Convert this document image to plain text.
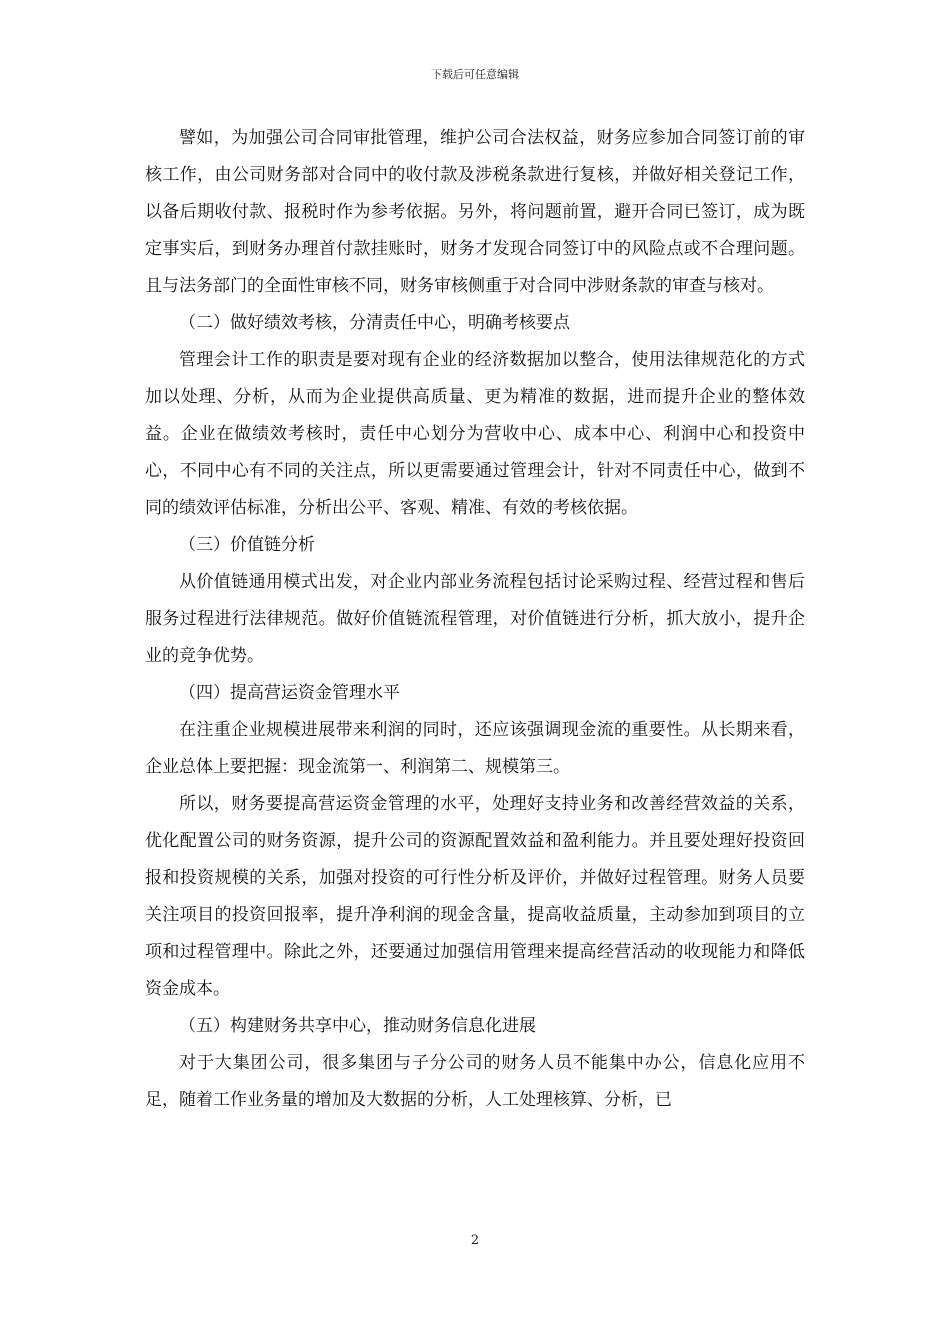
下载后可任意编辑

譬如，为加强公司合同审批管理，维护公司合法权益，财务应参加合同签订前的审核工作，由公司财务部对合同中的收付款及涉税条款进行复核，并做好相关登记工作，以备后期收付款、报税时作为参考依据。另外，将问题前置，避开合同已签订，成为既定事实后，到财务办理首付款挂账时，财务才发现合同签订中的风险点或不合理问题。且与法务部门的全面性审核不同，财务审核侧重于对合同中涉财条款的审查与核对。

（二）做好绩效考核，分清责任中心，明确考核要点

管理会计工作的职责是要对现有企业的经济数据加以整合，使用法律规范化的方式加以处理、分析，从而为企业提供高质量、更为精准的数据，进而提升企业的整体效益。企业在做绩效考核时，责任中心划分为营收中心、成本中心、利润中心和投资中心，不同中心有不同的关注点，所以更需要通过管理会计，针对不同责任中心，做到不同的绩效评估标准，分析出公平、客观、精准、有效的考核依据。

（三）价值链分析

从价值链通用模式出发，对企业内部业务流程包括讨论采购过程、经营过程和售后服务过程进行法律规范。做好价值链流程管理，对价值链进行分析，抓大放小，提升企业的竞争优势。

（四）提高营运资金管理水平

在注重企业规模进展带来利润的同时，还应该强调现金流的重要性。从长期来看，企业总体上要把握：现金流第一、利润第二、规模第三。

所以，财务要提高营运资金管理的水平，处理好支持业务和改善经营效益的关系，优化配置公司的财务资源，提升公司的资源配置效益和盈利能力。并且要处理好投资回报和投资规模的关系，加强对投资的可行性分析及评价，并做好过程管理。财务人员要关注项目的投资回报率，提升净利润的现金含量，提高收益质量，主动参加到项目的立项和过程管理中。除此之外，还要通过加强信用管理来提高经营活动的收现能力和降低资金成本。

（五）构建财务共享中心，推动财务信息化进展

对于大集团公司，很多集团与子分公司的财务人员不能集中办公，信息化应用不足，随着工作业务量的增加及大数据的分析，人工处理核算、分析，已

2
